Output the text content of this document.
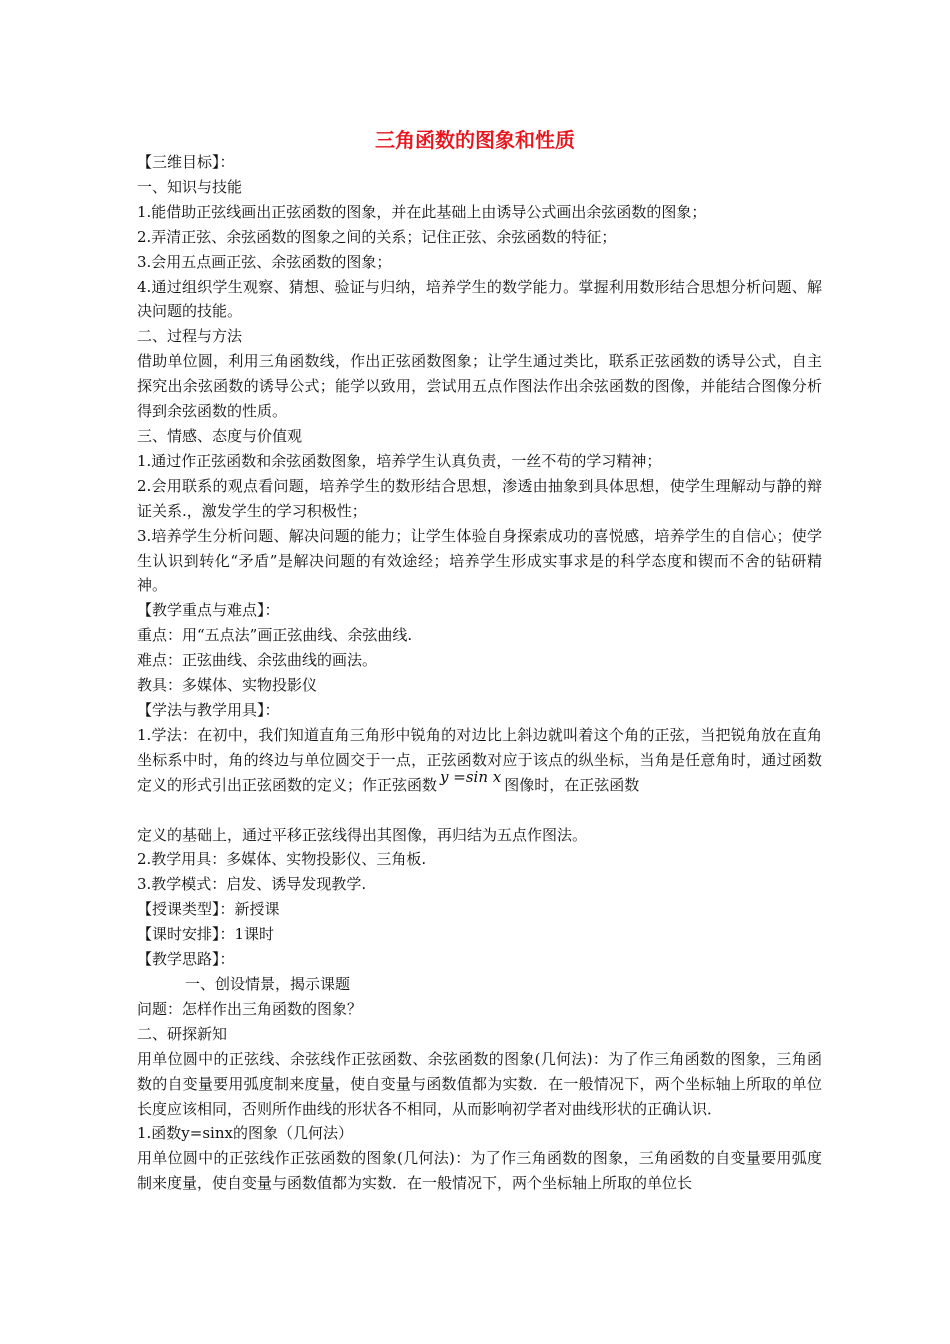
三角函数的图象和性质

【三维目标】：

一、知识与技能

1.能借助正弦线画出正弦函数的图象，并在此基础上由诱导公式画出余弦函数的图象；

2.弄清正弦、余弦函数的图象之间的关系；记住正弦、余弦函数的特征；

3.会用五点画正弦、余弦函数的图象；

4.通过组织学生观察、猜想、验证与归纳，培养学生的数学能力。掌握利用数形结合思想分析问题、解决问题的技能。

二、过程与方法

借助单位圆，利用三角函数线，作出正弦函数图象；让学生通过类比，联系正弦函数的诱导公式，自主探究出余弦函数的诱导公式；能学以致用，尝试用五点作图法作出余弦函数的图像，并能结合图像分析得到余弦函数的性质。

三、情感、态度与价值观

1.通过作正弦函数和余弦函数图象，培养学生认真负责，一丝不苟的学习精神；

2.会用联系的观点看问题，培养学生的数形结合思想，渗透由抽象到具体思想，使学生理解动与静的辩证关系.，激发学生的学习积极性；

3.培养学生分析问题、解决问题的能力；让学生体验自身探索成功的喜悦感，培养学生的自信心；使学生认识到转化“矛盾”是解决问题的有效途经；培养学生形成实事求是的科学态度和锲而不舍的钻研精神。

【教学重点与难点】：

重点：用“五点法”画正弦曲线、余弦曲线.

难点：正弦曲线、余弦曲线的画法。

教具：多媒体、实物投影仪

【学法与教学用具】：

1.学法：在初中，我们知道直角三角形中锐角的对边比上斜边就叫着这个角的正弦，当把锐角放在直角坐标系中时，角的终边与单位圆交于一点，正弦函数对应于该点的纵坐标，当角是任意角时，通过函数定义的形式引出正弦函数的定义；作正弦函数 y =sin x 图像时，在正弦函数

定义的基础上，通过平移正弦线得出其图像，再归结为五点作图法。

2.教学用具：多媒体、实物投影仪、三角板.

3.教学模式：启发、诱导发现教学.

【授课类型】：新授课

【课时安排】：1课时

【教学思路】：

一、创设情景，揭示课题

问题：怎样作出三角函数的图象？

二、研探新知

用单位圆中的正弦线、余弦线作正弦函数、余弦函数的图象(几何法)：为了作三角函数的图象，三角函数的自变量要用弧度制来度量，使自变量与函数值都为实数．在一般情况下，两个坐标轴上所取的单位长度应该相同，否则所作曲线的形状各不相同，从而影响初学者对曲线形状的正确认识．

1.函数y=sinx的图象（几何法）

用单位圆中的正弦线作正弦函数的图象(几何法)：为了作三角函数的图象，三角函数的自变量要用弧度制来度量，使自变量与函数值都为实数．在一般情况下，两个坐标轴上所取的单位长
